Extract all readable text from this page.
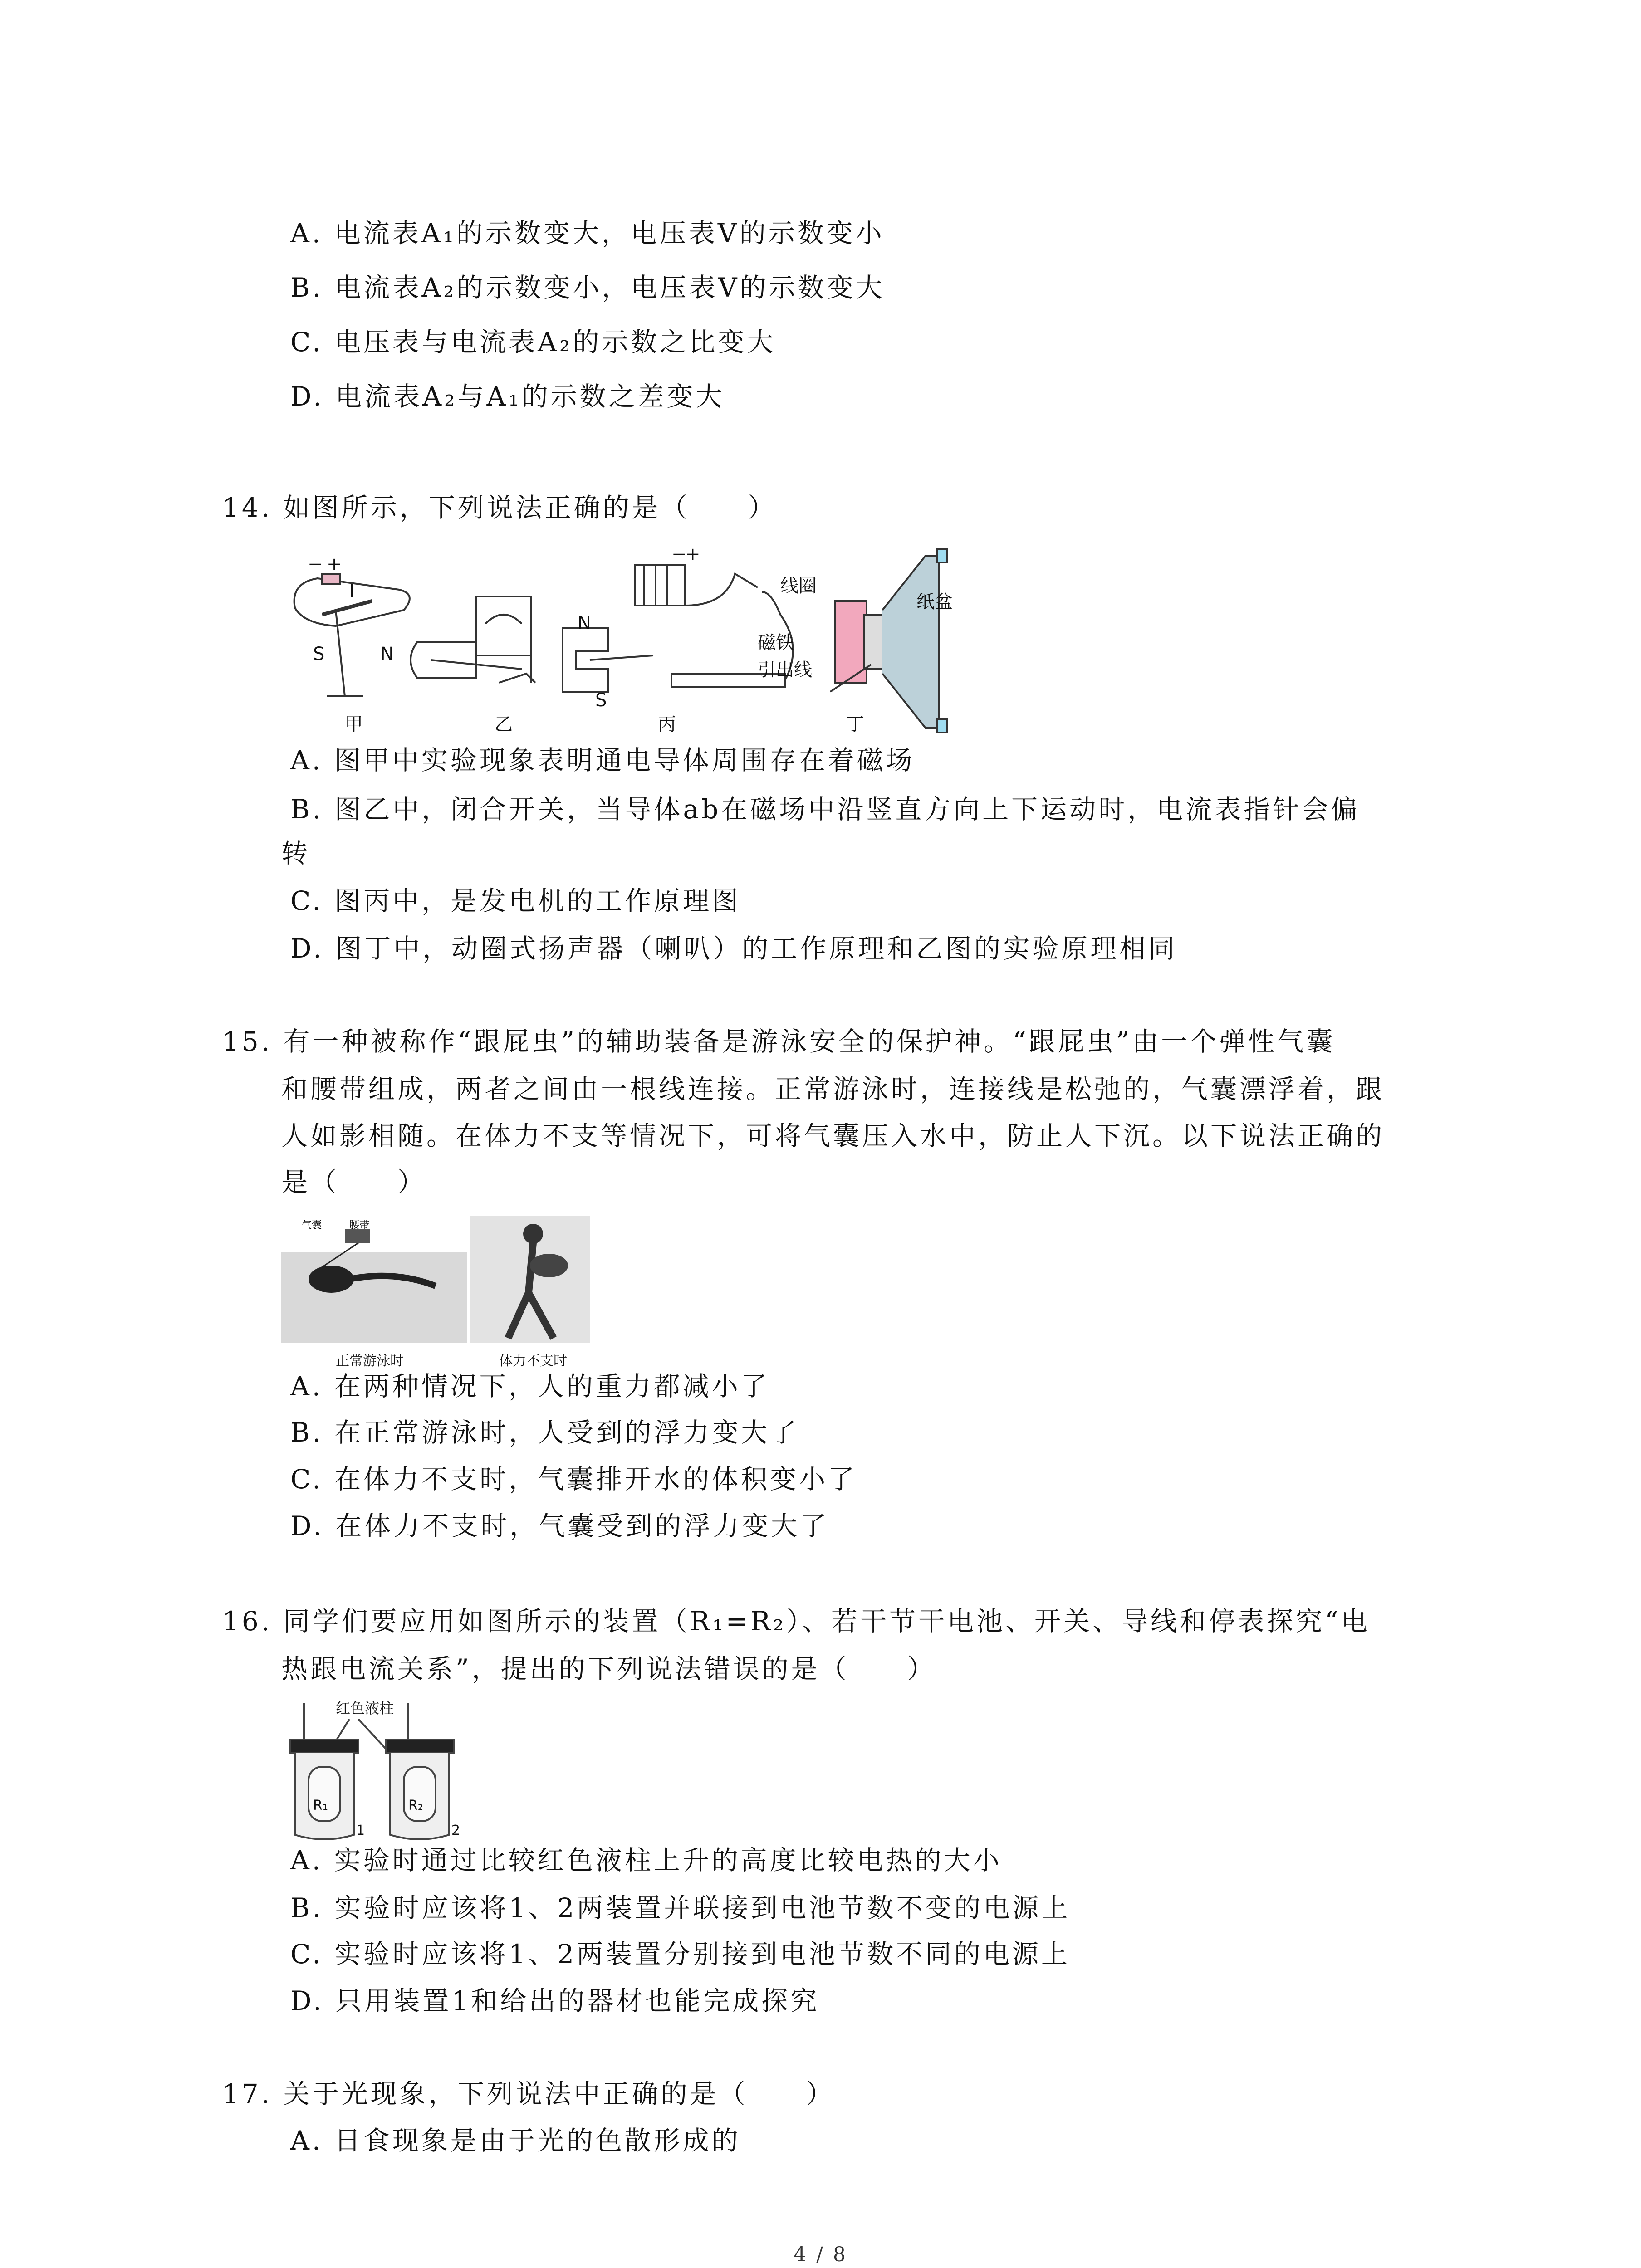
A. 电流表A₁的示数变大，电压表V的示数变小
B. 电流表A₂的示数变小，电压表V的示数变大
C. 电压表与电流表A₂的示数之比变大
D. 电流表A₂与A₁的示数之差变大
14. 如图所示，下列说法正确的是（　　）
− +
I
S	N
甲	乙
N
S
−
+
丙
线圈
纸盆
磁铁
引出线
丁
A. 图甲中实验现象表明通电导体周围存在着磁场
B. 图乙中，闭合开关，当导体ab在磁场中沿竖直方向上下运动时，电流表指针会偏
转
C. 图丙中，是发电机的工作原理图
D. 图丁中，动圈式扬声器（喇叭）的工作原理和乙图的实验原理相同
15. 有一种被称作“跟屁虫”的辅助装备是游泳安全的保护神。“跟屁虫”由一个弹性气囊
和腰带组成，两者之间由一根线连接。正常游泳时，连接线是松弛的，气囊漂浮着，跟
人如影相随。在体力不支等情况下，可将气囊压入水中，防止人下沉。以下说法正确的
是（　　）
气囊	腰带
正常游泳时	体力不支时
A. 在两种情况下，人的重力都减小了
B. 在正常游泳时，人受到的浮力变大了
C. 在体力不支时，气囊排开水的体积变小了
D. 在体力不支时，气囊受到的浮力变大了
16. 同学们要应用如图所示的装置（R₁=R₂）、若干节干电池、开关、导线和停表探究“电
热跟电流关系”，提出的下列说法错误的是（　　）
红色液柱
R₁	R₂
1	2
A. 实验时通过比较红色液柱上升的高度比较电热的大小
B. 实验时应该将1、2两装置并联接到电池节数不变的电源上
C. 实验时应该将1、2两装置分别接到电池节数不同的电源上
D. 只用装置1和给出的器材也能完成探究
17. 关于光现象，下列说法中正确的是（　　）
A. 日食现象是由于光的色散形成的
4 / 8
